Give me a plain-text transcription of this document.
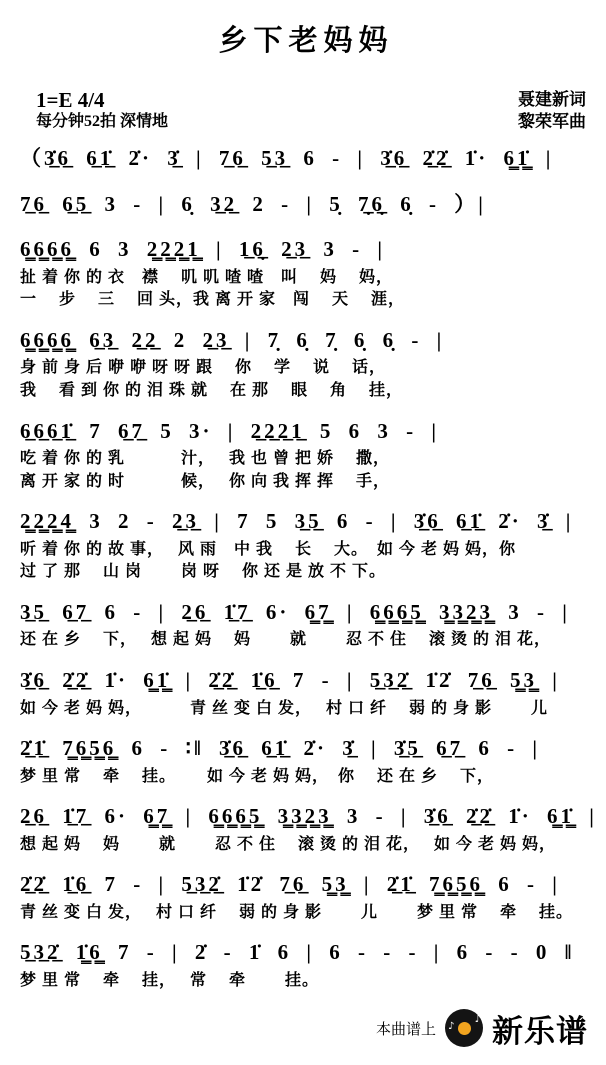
乡下老妈妈
1=E 4/4
每分钟52拍 深情地
聂建新词
黎荣军曲
（3̲̇6̲ 6̲1̲̇ 2̇· 3̲̇ | 7̲6̲ 5̲3̲ 6 - | 3̲̇6̲ 2̲̇2̲̇ 1̇· 6̳1̳̇ |
7̲6̲ 6̲5̲ 3 - | 6̣ 3̲2̲ 2 - | 5̣ 7̣̲6̣̲ 6̣ - ）|
6̳6̳6̳6̳ 6 3 2̳2̳2̳1̳ | 1̲6̣̲ 2̲3̲ 3 - |
扯 着 你 的 衣　襟　 叽 叽 喳 喳　叫　 妈　 妈，
一　 步　 三　 回 头，我 离 开 家　闯　 天　 涯，
6̳6̳6̳6̳ 6̲3̲ 2̲2̲ 2 2̲3̲ | 7̣ 6̣ 7̣ 6̣ 6̣ - |
身 前 身 后 咿 咿 呀 呀 跟　 你　 学　 说　 话，
我　 看 到 你 的 泪 珠 就　 在 那　 眼　 角　 挂，
6̲6̲6̲1̲̇ 7 6̲7̲ 5 3· | 2̲2̲2̲1̲ 5 6 3 - |
吃 着 你 的 乳　　　 汁，　 我 也 曾 把 娇　 撒，
离 开 家 的 时　　　 候，　 你 向 我 挥 挥　 手，
2̳2̳2̳4̳ 3 2 - 2̲3̲ | 7 5 3̲5̲ 6 - | 3̲̇6̲ 6̲1̲̇ 2̇· 3̲̇ |
听 着 你 的 故 事，　 风 雨　中 我　 长　 大。　如 今 老 妈 妈，你
过 了 那　 山 岗　　 岗 呀　 你 还 是 放 不 下。
3̲5̲ 6̲7̲ 6 - | 2̲6̲ 1̲̇7̲ 6· 6̳7̳ | 6̳6̳6̳5̳ 3̳3̳2̳3̳ 3 - |
还 在 乡　 下，　 想 起 妈　 妈　　 就　　 忍 不 住　 滚 烫 的 泪 花，
3̲̇6̲ 2̲̇2̲̇ 1̇· 6̳1̳̇ | 2̲̇2̲̇ 1̲̇6̲ 7 - | 5̲3̲2̲̇ 1̇2̇ 7̲6̲ 5̳3̳ |
如 今 老 妈 妈，　　　 青 丝 变 白 发，　 村 口 纤　 弱 的 身 影　　 儿
2̲̇1̲̇ 7̳6̳5̳6̳ 6 - ∶‖ 3̲̇6̲ 6̲1̲̇ 2̇· 3̲̇ | 3̲̇5̲ 6̲7̲ 6 - |
梦 里 常　 牵　 挂。　　 如 今 老 妈 妈，　你　 还 在 乡　 下，
2̲6̲ 1̲̇7̲ 6· 6̳7̳ | 6̳6̳6̳5̳ 3̳3̳2̳3̳ 3 - | 3̲̇6̲ 2̲̇2̲̇ 1̇· 6̳1̳̇ |
想 起 妈　 妈　　 就　　 忍 不 住　 滚 烫 的 泪 花，　 如 今 老 妈 妈，
2̲̇2̲̇ 1̲̇6̲ 7 - | 5̲3̲2̲̇ 1̇2̇ 7̲6̲ 5̳3̳ | 2̲̇1̲̇ 7̳6̳5̳6̳ 6 - |
青 丝 变 白 发，　 村 口 纤　 弱 的 身 影　　 儿　　 梦 里 常　 牵　 挂。
5̲3̲2̲̇ 1̳̇6̳ 7 - | 2̇ - 1̇ 6 | 6 - - - | 6 - - 0 ‖
梦 里 常　 牵　 挂，　 常　 牵　　 挂。
本曲谱上 ♪
♪ 新乐谱
